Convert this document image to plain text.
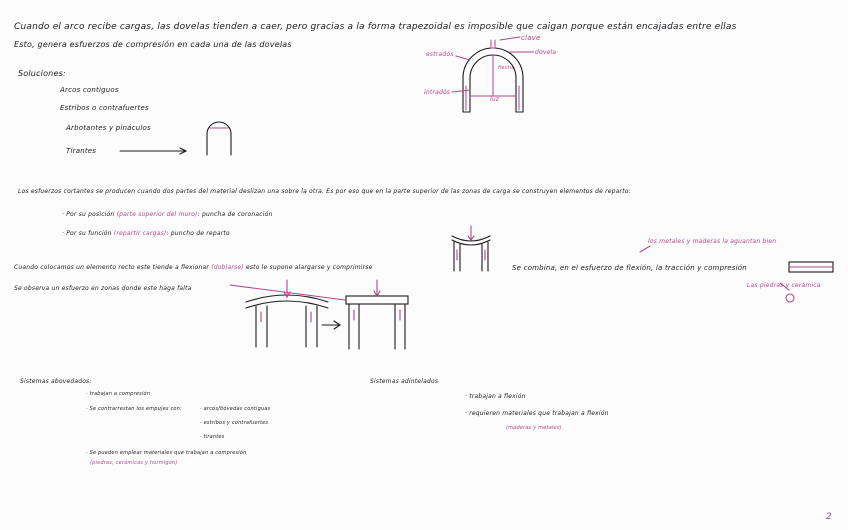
Cuando el arco recibe cargas, las dovelas tienden a caer, pero gracias a la forma trapezoidal es imposible que caigan porque están encajadas entre ellas
Esto, genera esfuerzos de compresión en cada una de las dovelas
Soluciones:
Arcos contiguos
Estribos o contrafuertes
Arbotantes y pináculos
Tirantes
clave
dovela
estradós
intradós
flecha
luz
Los esfuerzos cortantes se producen cuando dos partes del material deslizan una sobre la otra. Es por eso que en la parte superior de las zonas de carga se construyen elementos de reparto:
· Por su posición (parte superior del muro): puncha de coronación
· Por su función (repartir cargas): puncho de reparto
Cuando colocamos un elemento recto este tiende a flexionar (doblarse) esto le supone alargarse y comprimirse
Se observa un esfuerzo en zonas donde este haga falta
los metales y maderas la aguantan bien
Se combina, en el esfuerzo de flexión, la tracción y compresión
Las piedras y cerámica
Sistemas abovedados:
· trabajan a compresión
· Se contrarrestan los empujes con:	· arcos/bóvedas contiguas
· estribos y contrafuertes
· tirantes
· Se pueden emplear materiales que trabajan a compresión
(piedras, cerámicas y hormigón)
Sistemas adintelados
· trabajan a flexión
· requieren materiales que trabajan a flexión
(maderas y metales)
2
